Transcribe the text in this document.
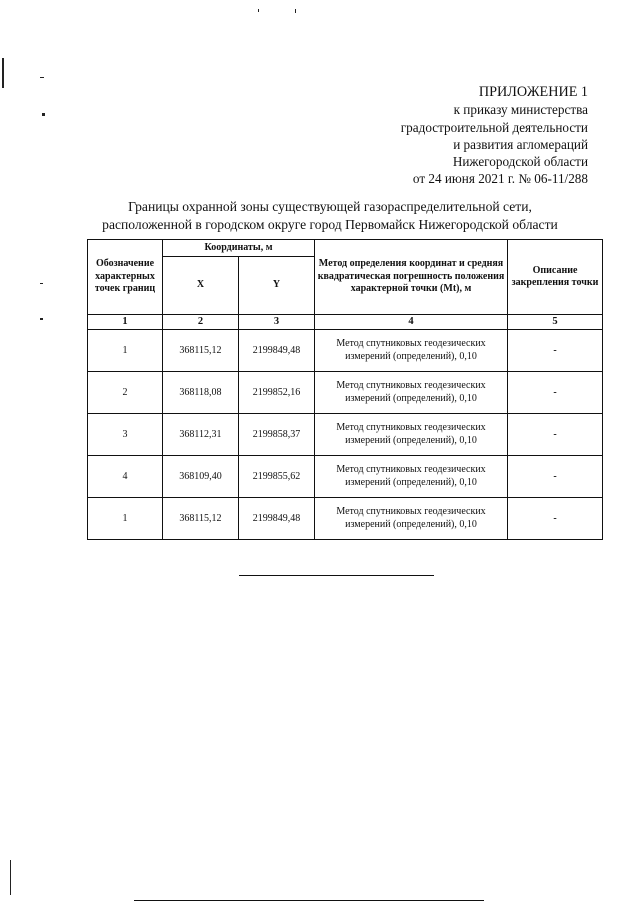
ПРИЛОЖЕНИЕ 1
к приказу министерства
градостроительной деятельности
и развития агломераций
Нижегородской области
от 24 июня 2021 г. № 06-11/288
Границы охранной зоны существующей газораспределительной сети,
расположенной в городском округе город Первомайск Нижегородской области
Обозначение характерных точек границ	Координаты, м		Метод определения координат и средняя квадратическая погрешность положения характерной точки (Mt), м	Описание закрепления точки
	X	Y		
1	2	3	4	5
1	368115,12	2199849,48	Метод спутниковых геодезических измерений (определений), 0,10	-
2	368118,08	2199852,16	Метод спутниковых геодезических измерений (определений), 0,10	-
3	368112,31	2199858,37	Метод спутниковых геодезических измерений (определений), 0,10	-
4	368109,40	2199855,62	Метод спутниковых геодезических измерений (определений), 0,10	-
1	368115,12	2199849,48	Метод спутниковых геодезических измерений (определений), 0,10	-
